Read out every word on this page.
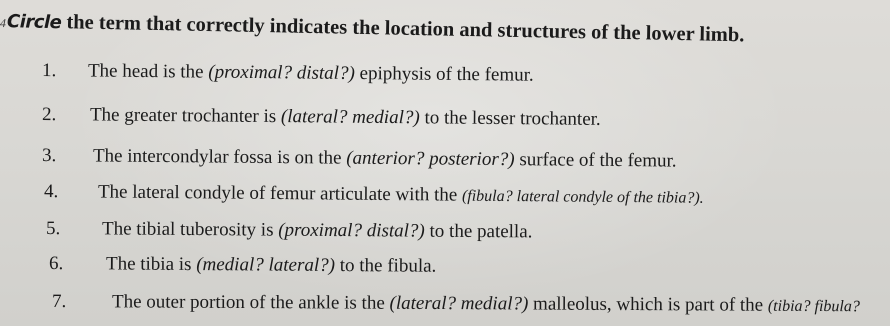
4Circle the term that correctly indicates the location and structures of the lower limb.
1. The head is the (proximal? distal?) epiphysis of the femur.
2. The greater trochanter is (lateral? medial?) to the lesser trochanter.
3. The intercondylar fossa is on the (anterior? posterior?) surface of the femur.
4. The lateral condyle of femur articulate with the (fibula? lateral condyle of the tibia?).
5. The tibial tuberosity is (proximal? distal?) to the patella.
6. The tibia is (medial? lateral?) to the fibula.
7. The outer portion of the ankle is the (lateral? medial?) malleolus, which is part of the (tibia? fibula?
